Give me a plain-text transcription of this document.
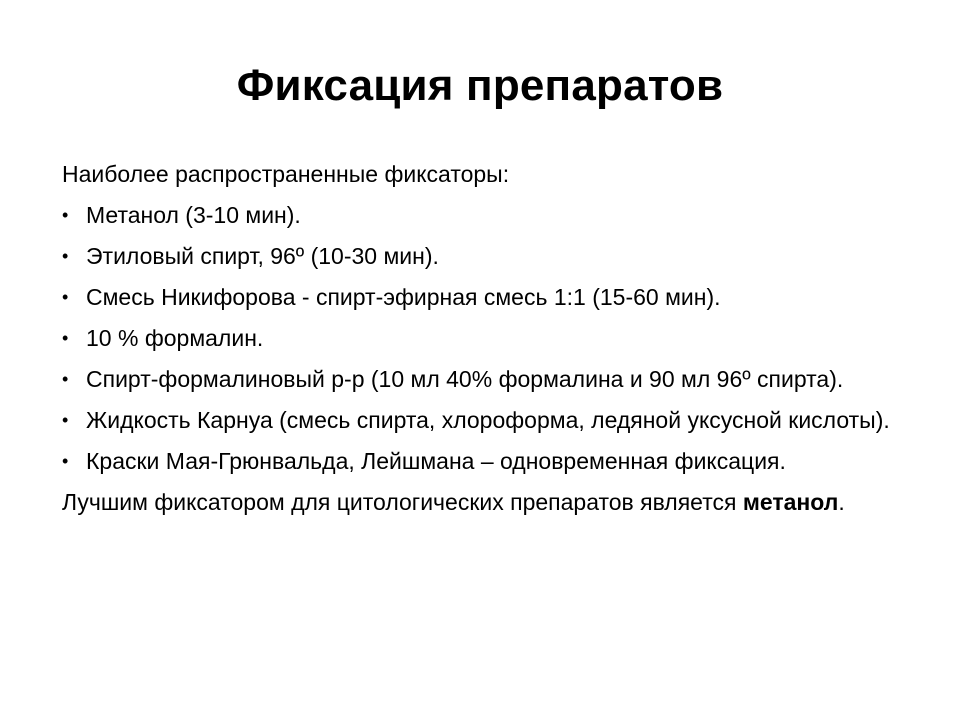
Фиксация препаратов

Наиболее распространенные фиксаторы:

• Метанол (3-10 мин).
• Этиловый спирт, 96º (10-30 мин).
• Смесь Никифорова - спирт-эфирная смесь 1:1 (15-60 мин).
• 10 % формалин.
• Спирт-формалиновый р-р (10 мл 40% формалина и 90 мл 96º спирта).
• Жидкость Карнуа (смесь спирта, хлороформа, ледяной уксусной кислоты).
• Краски Мая-Грюнвальда, Лейшмана – одновременная фиксация.

Лучшим фиксатором для цитологических препаратов является метанол.
